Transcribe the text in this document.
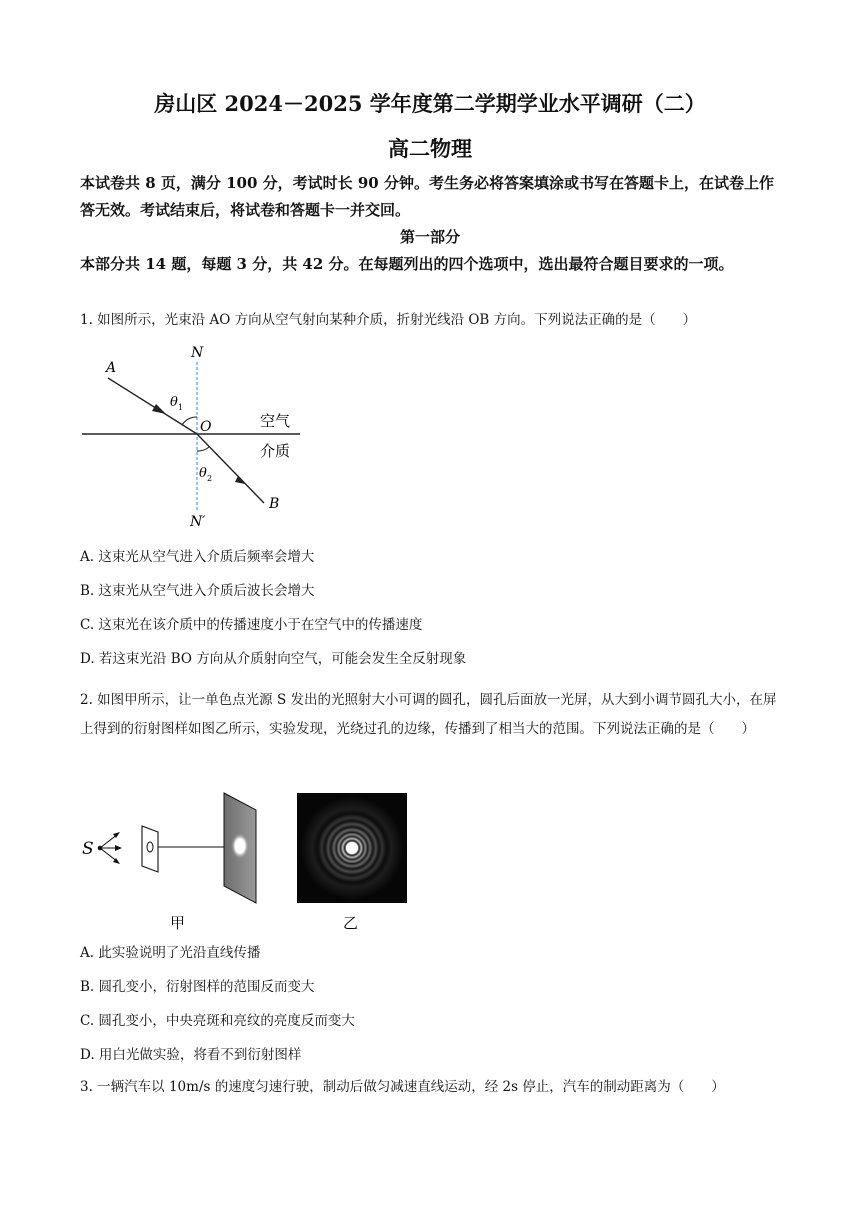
房山区 2024－2025 学年度第二学期学业水平调研（二）
高二物理
本试卷共 8 页，满分 100 分，考试时长 90 分钟。考生务必将答案填涂或书写在答题卡上，在试卷上作答无效。考试结束后，将试卷和答题卡一并交回。
第一部分
本部分共 14 题，每题 3 分，共 42 分。在每题列出的四个选项中，选出最符合题目要求的一项。
1. 如图所示，光束沿 AO 方向从空气射向某种介质，折射光线沿 OB 方向。下列说法正确的是（　　）
A
N
O
B
N′
θ 1
θ 2
空气
介质
A. 这束光从空气进入介质后频率会增大
B. 这束光从空气进入介质后波长会增大
C. 这束光在该介质中的传播速度小于在空气中的传播速度
D. 若这束光沿 BO 方向从介质射向空气，可能会发生全反射现象
2. 如图甲所示，让一单色点光源 S 发出的光照射大小可调的圆孔，圆孔后面放一光屏，从大到小调节圆孔大小，在屏上得到的衍射图样如图乙所示，实验发现，光绕过孔的边缘，传播到了相当大的范围。下列说法正确的是（　　）
S
甲	乙
A. 此实验说明了光沿直线传播
B. 圆孔变小，衍射图样的范围反而变大
C. 圆孔变小，中央亮斑和亮纹的亮度反而变大
D. 用白光做实验，将看不到衍射图样
3. 一辆汽车以 10m/s 的速度匀速行驶，制动后做匀减速直线运动，经 2s 停止，汽车的制动距离为（　　）
